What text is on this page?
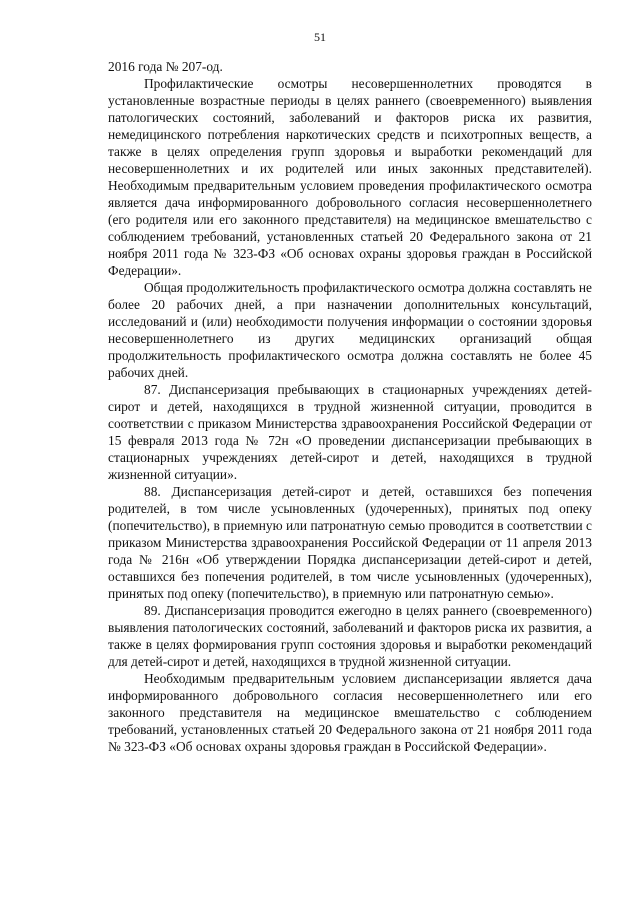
51

2016 года № 207-од.

Профилактические осмотры несовершеннолетних проводятся в установленные возрастные периоды в целях раннего (своевременного) выявления патологических состояний, заболеваний и факторов риска их развития, немедицинского потребления наркотических средств и психотропных веществ, а также в целях определения групп здоровья и выработки рекомендаций для несовершеннолетних и их родителей или иных законных представителей). Необходимым предварительным условием проведения профилактического осмотра является дача информированного добровольного согласия несовершеннолетнего (его родителя или его законного представителя) на медицинское вмешательство с соблюдением требований, установленных статьей 20 Федерального закона от 21 ноября 2011 года № 323-ФЗ «Об основах охраны здоровья граждан в Российской Федерации».

Общая продолжительность профилактического осмотра должна составлять не более 20 рабочих дней, а при назначении дополнительных консультаций, исследований и (или) необходимости получения информации о состоянии здоровья несовершеннолетнего из других медицинских организаций общая продолжительность профилактического осмотра должна составлять не более 45 рабочих дней.

87. Диспансеризация пребывающих в стационарных учреждениях детей-сирот и детей, находящихся в трудной жизненной ситуации, проводится в соответствии с приказом Министерства здравоохранения Российской Федерации от 15 февраля 2013 года № 72н «О проведении диспансеризации пребывающих в стационарных учреждениях детей-сирот и детей, находящихся в трудной жизненной ситуации».

88. Диспансеризация детей-сирот и детей, оставшихся без попечения родителей, в том числе усыновленных (удочеренных), принятых под опеку (попечительство), в приемную или патронатную семью проводится в соответствии с приказом Министерства здравоохранения Российской Федерации от 11 апреля 2013 года № 216н «Об утверждении Порядка диспансеризации детей-сирот и детей, оставшихся без попечения родителей, в том числе усыновленных (удочеренных), принятых под опеку (попечительство), в приемную или патронатную семью».

89. Диспансеризация проводится ежегодно в целях раннего (своевременного) выявления патологических состояний, заболеваний и факторов риска их развития, а также в целях формирования групп состояния здоровья и выработки рекомендаций для детей-сирот и детей, находящихся в трудной жизненной ситуации.

Необходимым предварительным условием диспансеризации является дача информированного добровольного согласия несовершеннолетнего или его законного представителя на медицинское вмешательство с соблюдением требований, установленных статьей 20 Федерального закона от 21 ноября 2011 года № 323-ФЗ «Об основах охраны здоровья граждан в Российской Федерации».
